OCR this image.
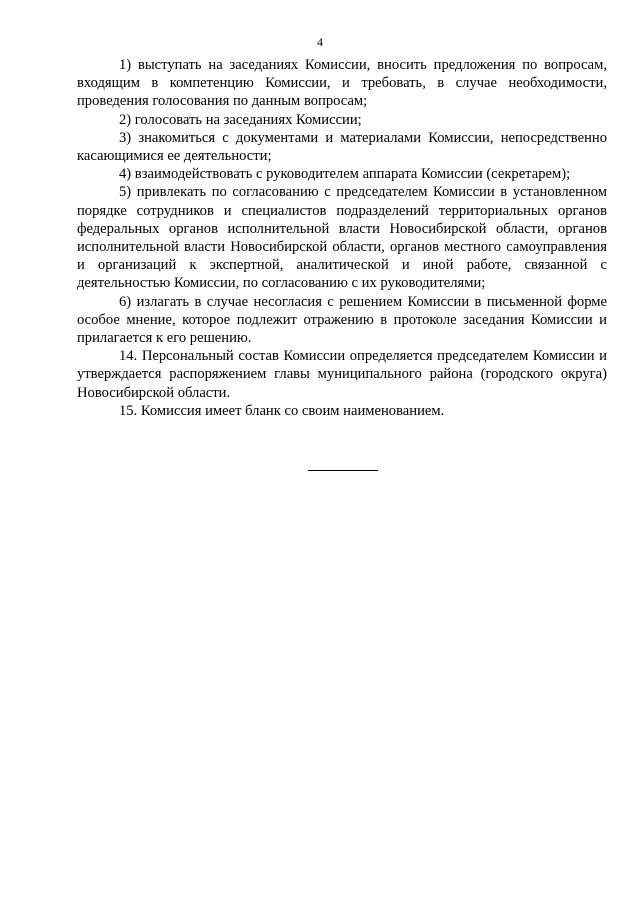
4

1) выступать на заседаниях Комиссии, вносить предложения по вопросам, входящим в компетенцию Комиссии, и требовать, в случае необходимости, проведения голосования по данным вопросам;

2) голосовать на заседаниях Комиссии;

3) знакомиться с документами и материалами Комиссии, непосредственно касающимися ее деятельности;

4) взаимодействовать с руководителем аппарата Комиссии (секретарем);

5) привлекать по согласованию с председателем Комиссии в установленном порядке сотрудников и специалистов подразделений территориальных органов федеральных органов исполнительной власти Новосибирской области, органов исполнительной власти Новосибирской области, органов местного самоуправления и организаций к экспертной, аналитической и иной работе, связанной с деятельностью Комиссии, по согласованию с их руководителями;

6) излагать в случае несогласия с решением Комиссии в письменной форме особое мнение, которое подлежит отражению в протоколе заседания Комиссии и прилагается к его решению.

14. Персональный состав Комиссии определяется председателем Комиссии и утверждается распоряжением главы муниципального района (городского округа) Новосибирской области.

15. Комиссия имеет бланк со своим наименованием.
